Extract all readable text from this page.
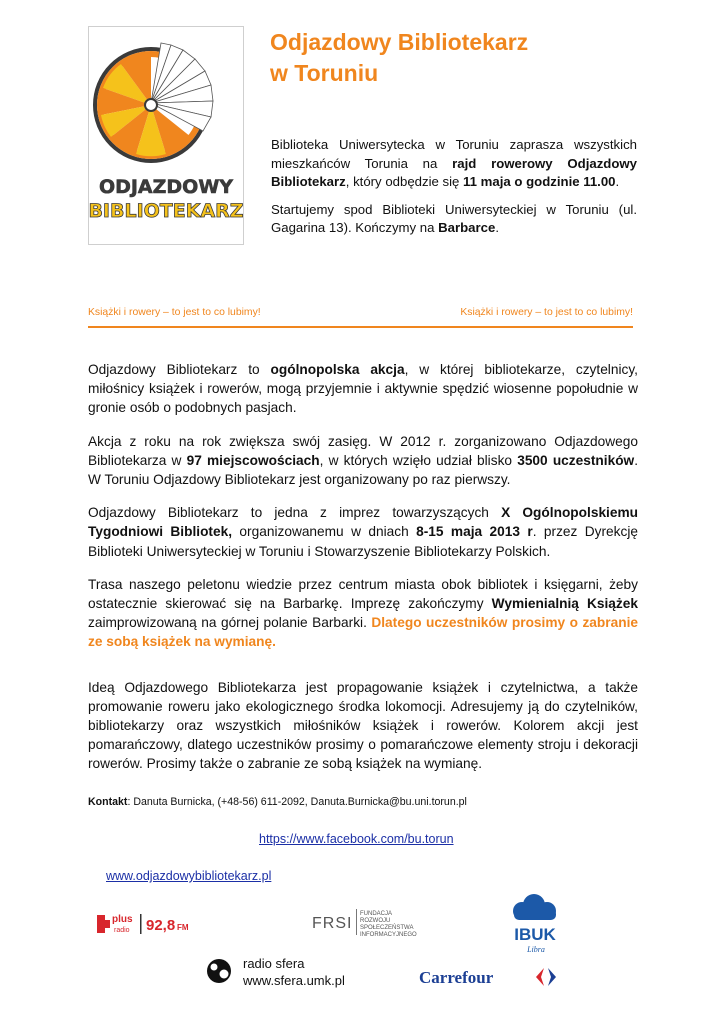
ODJAZDOWY
BIBLIOTEKARZ
Odjazdowy Bibliotekarz
w Toruniu

Biblioteka Uniwersytecka w Toruniu zaprasza wszystkich mieszkańców Torunia na rajd rowerowy Odjazdowy Bibliotekarz, który odbędzie się 11 maja o godzinie 11.00.

Startujemy spod Biblioteki Uniwersyteckiej w Toruniu (ul. Gagarina 13). Kończymy na Barbarce.

Książki i rowery – to jest to co lubimy!	Książki i rowery – to jest to co lubimy!

Odjazdowy Bibliotekarz to ogólnopolska akcja, w której bibliotekarze, czytelnicy, miłośnicy książek i rowerów, mogą przyjemnie i aktywnie spędzić wiosenne popołudnie w gronie osób o podobnych pasjach.

Akcja z roku na rok zwiększa swój zasięg. W 2012 r. zorganizowano Odjazdowego Bibliotekarza w 97 miejscowościach, w których wzięło udział blisko 3500 uczestników. W Toruniu Odjazdowy Bibliotekarz jest organizowany po raz pierwszy.

Odjazdowy Bibliotekarz to jedna z imprez towarzyszących X Ogólnopolskiemu Tygodniowi Bibliotek, organizowanemu w dniach 8-15 maja 2013 r. przez Dyrekcję Biblioteki Uniwersyteckiej w Toruniu i Stowarzyszenie Bibliotekarzy Polskich.

Trasa naszego peletonu wiedzie przez centrum miasta obok bibliotek i księgarni, żeby ostatecznie skierować się na Barbarkę. Imprezę zakończymy Wymienialnią Książek zaimprowizowaną na górnej polanie Barbarki. Dlatego uczestników prosimy o zabranie ze sobą książek na wymianę.

Ideą Odjazdowego Bibliotekarza jest propagowanie książek i czytelnictwa, a także promowanie roweru jako ekologicznego środka lokomocji. Adresujemy ją do czytelników, bibliotekarzy oraz wszystkich miłośników książek i rowerów. Kolorem akcji jest pomarańczowy, dlatego uczestników prosimy o pomarańczowe elementy stroju i dekoracji rowerów. Prosimy także o zabranie ze sobą książek na wymianę.

Kontakt: Danuta Burnicka, (+48-56) 611-2092, Danuta.Burnicka@bu.uni.torun.pl

https://www.facebook.com/bu.torun
www.odjazdowybibliotekarz.pl
plus
radio 92,8 FM	FRSI
FUNDACJA
ROZWOJU
SPOŁECZEŃSTWA
INFORMACYJNEGO	IBUK
Libra
radio sfera
www.sfera.umk.pl	Carrefour
